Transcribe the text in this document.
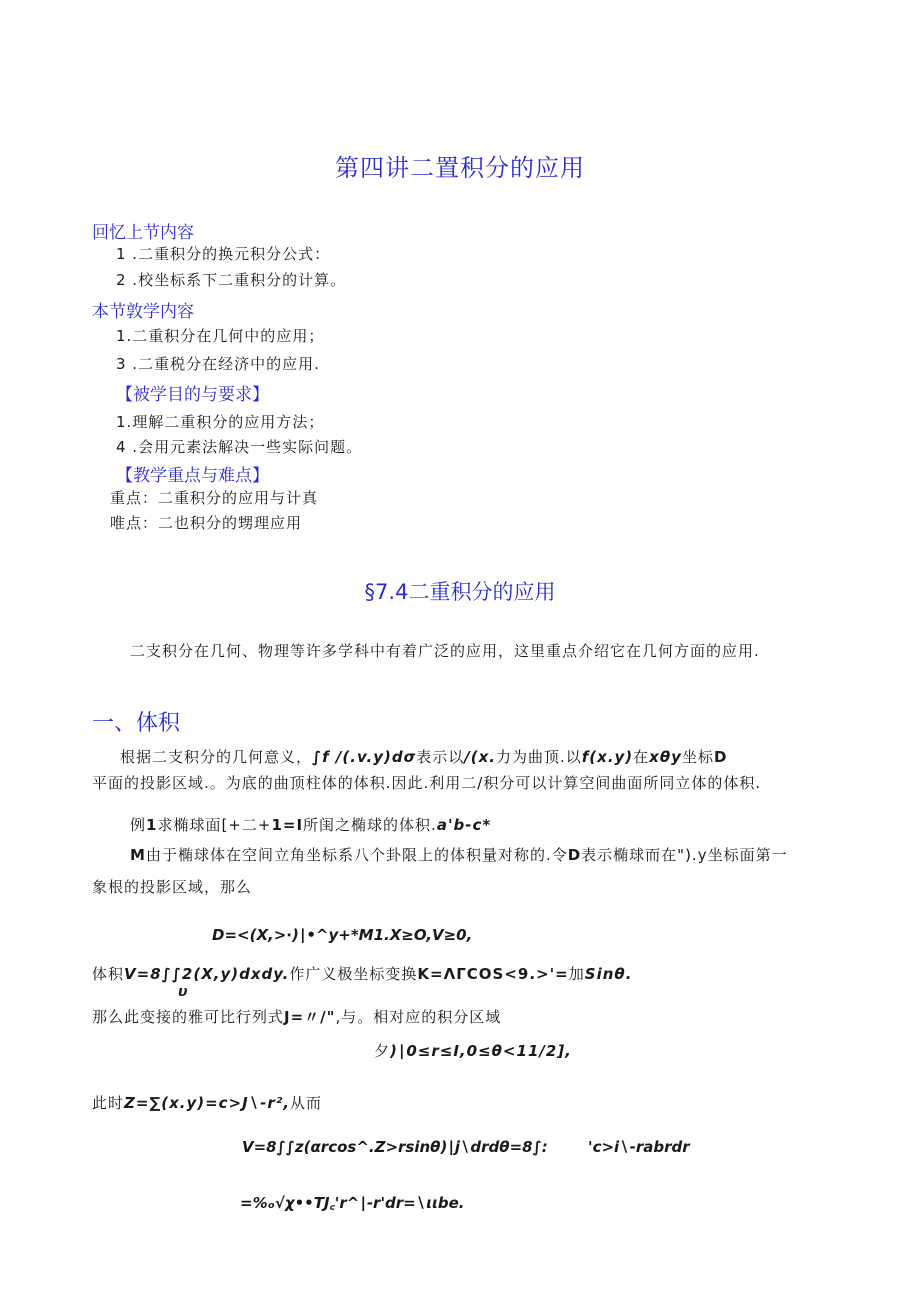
第四讲二置积分的应用
回忆上节内容
1 .二重积分的换元积分公式：
2 .校坐标系下二重积分的计算。
本节敦学内容
1.二重积分在几何中的应用；
3 .二重税分在经济中的应用.
【被学目的与要求】
1.理解二重积分的应用方法；
4 .会用元素法解决一些实际问题。
【教学重点与难点】
重点：二重积分的应用与计真
唯点：二也积分的甥理应用
§7.4二重积分的应用
二支积分在几何、物理等许多学科中有着广泛的应用，这里重点介绍它在几何方面的应用.
一、体积
根据二支积分的几何意义，∫f /(.v.y)dσ表示以/(x.力为曲顶.以f(x.y)在xθy坐标D
平面的投影区域.。为底的曲顶柱体的体积.因此.利用二/积分可以计算空间曲面所同立体的体积.
例1求椭球面[+二+1=I所闺之椭球的体积.a'b-c*
M由于椭球体在空间立角坐标系八个卦限上的体积量对称的.令D表示椭球而在").y坐标面第一
象根的投影区域，那么
D=<(X,>∙)∣•^y+*M1.X≥O,V≥0,
体积V=8∫∫2(X,y)dxdy.作广义极坐标变换K=ΛΓCOS<9.>'=加Sinθ.
υ
那么此变接的雅可比行列式J=〃/",与。相对应的积分区域
夕)∣0≤r≤I,0≤θ<11/2],
此时Z=∑(x.y)=c>J∖-r²,从而
V=8∫∫z(αrcos^.Z>rsinθ)∣j∖drdθ=8∫:	'c>i∖-rabrdr
=%ₒ√χ••TJ꜀'r^∣-r'dr=∖ιιbe.
